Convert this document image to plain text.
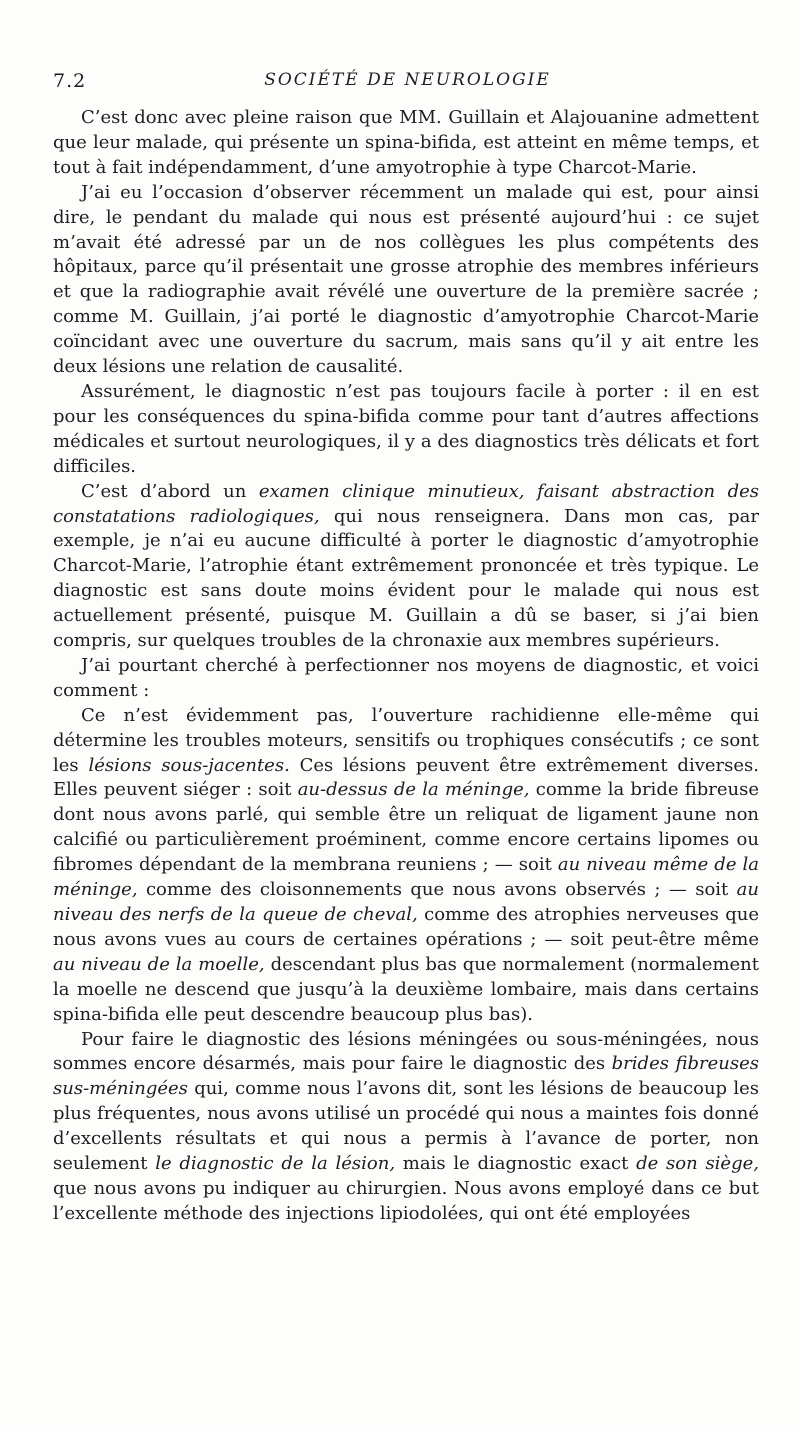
7.2	SOCIÉTÉ DE NEUROLOGIE

C’est donc avec pleine raison que MM. Guillain et Alajouanine admettent que leur malade, qui présente un spina-bifida, est atteint en même temps, et tout à fait indépendamment, d’une amyotrophie à type Charcot-Marie.

J’ai eu l’occasion d’observer récemment un malade qui est, pour ainsi dire, le pendant du malade qui nous est présenté aujourd’hui : ce sujet m’avait été adressé par un de nos collègues les plus compétents des hôpitaux, parce qu’il présentait une grosse atrophie des membres inférieurs et que la radiographie avait révélé une ouverture de la première sacrée ; comme M. Guillain, j’ai porté le diagnostic d’amyotrophie Charcot-Marie coïncidant avec une ouverture du sacrum, mais sans qu’il y ait entre les deux lésions une relation de causalité.

Assurément, le diagnostic n’est pas toujours facile à porter : il en est pour les conséquences du spina-bifida comme pour tant d’autres affections médicales et surtout neurologiques, il y a des diagnostics très délicats et fort difficiles.

C’est d’abord un examen clinique minutieux, faisant abstraction des constatations radiologiques, qui nous renseignera. Dans mon cas, par exemple, je n’ai eu aucune difficulté à porter le diagnostic d’amyotrophie Charcot-Marie, l’atrophie étant extrêmement prononcée et très typique. Le diagnostic est sans doute moins évident pour le malade qui nous est actuellement présenté, puisque M. Guillain a dû se baser, si j’ai bien compris, sur quelques troubles de la chronaxie aux membres supérieurs.

J’ai pourtant cherché à perfectionner nos moyens de diagnostic, et voici comment :

Ce n’est évidemment pas, l’ouverture rachidienne elle-même qui détermine les troubles moteurs, sensitifs ou trophiques consécutifs ; ce sont les lésions sous-jacentes. Ces lésions peuvent être extrêmement diverses. Elles peuvent siéger : soit au-dessus de la méninge, comme la bride fibreuse dont nous avons parlé, qui semble être un reliquat de ligament jaune non calcifié ou particulièrement proéminent, comme encore certains lipomes ou fibromes dépendant de la membrana reuniens ; — soit au niveau même de la méninge, comme des cloisonnements que nous avons observés ; — soit au niveau des nerfs de la queue de cheval, comme des atrophies nerveuses que nous avons vues au cours de certaines opérations ; — soit peut-être même au niveau de la moelle, descendant plus bas que normalement (normalement la moelle ne descend que jusqu’à la deuxième lombaire, mais dans certains spina-bifida elle peut descendre beaucoup plus bas).

Pour faire le diagnostic des lésions méningées ou sous-méningées, nous sommes encore désarmés, mais pour faire le diagnostic des brides fibreuses sus-méningées qui, comme nous l’avons dit, sont les lésions de beaucoup les plus fréquentes, nous avons utilisé un procédé qui nous a maintes fois donné d’excellents résultats et qui nous a permis à l’avance de porter, non seulement le diagnostic de la lésion, mais le diagnostic exact de son siège, que nous avons pu indiquer au chirurgien. Nous avons employé dans ce but l’excellente méthode des injections lipiodolées, qui ont été employées
